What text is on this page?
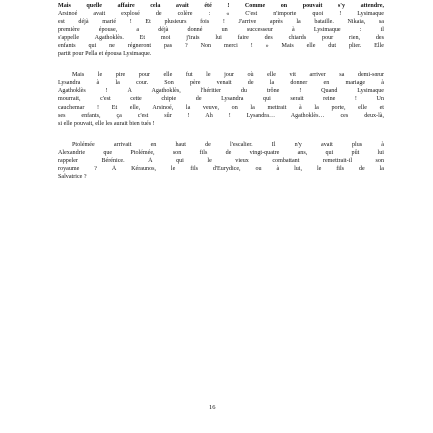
Mais quelle affaire cela avait été ! Comme on pouvait s'y attendre,
Arsinoé avait explosé de colère : « C'est n'importe quoi ! Lysimaque
est déjà marié ! Et plusieurs fois ! J'arrive après la bataille. Nikaia, sa
première épouse, a déjà donné un successeur à Lysimaque : il
s'appelle Agathoklès. Et moi j'irais lui faire des chiards pour rien, des
enfants qui ne régneront pas ? Non merci ! » Mais elle dut plier. Elle
partit pour Pella et épousa Lysimaque.
Mais le pire pour elle fut le jour où elle vit arriver sa demi-sœur
Lysandra à la cour. Son père venait de la donner en mariage à
Agathoklès ! À Agathoklès, l'héritier du trône ! Quand Lysimaque
mourrait, c'est cette chipie de Lysandra qui serait reine ! Un
cauchemar ! Et elle, Arsinoé, la veuve, on la mettrait à la porte, elle et
ses enfants, ça c'est sûr ! Ah ! Lysandra… Agathoklès… ces deux-là,
si elle pouvait, elle les aurait bien tués !
Ptolémée arrivait en haut de l'escalier. Il n'y avait plus à
Alexandrie que Ptolémée, son fils de vingt-quatre ans, qui pût lui
rappeler Bérénice. À qui le vieux combattant remettrait-il son
royaume ? À Kéraunos, le fils d'Eurydice, ou à lui, le fils de la
Salvatrice ?
16
